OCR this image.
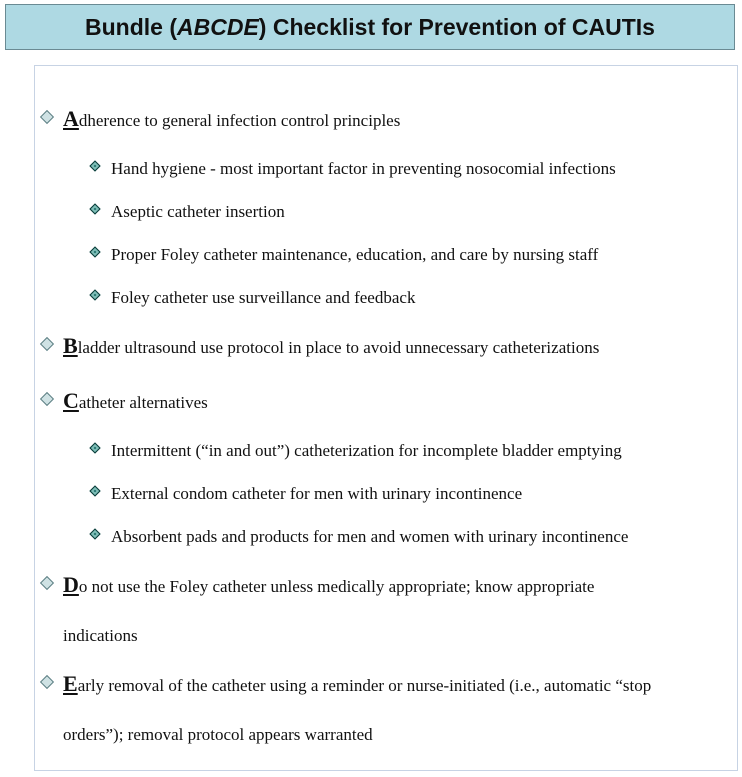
Bundle (ABCDE) Checklist for Prevention of CAUTIs
A dherence to general infection control principles
Hand hygiene - most important factor in preventing nosocomial infections
Aseptic catheter insertion
Proper Foley catheter maintenance, education, and care by nursing staff
Foley catheter use surveillance and feedback
B ladder ultrasound use protocol in place to avoid unnecessary catheterizations
C atheter alternatives
Intermittent (“in and out”) catheterization for incomplete bladder emptying
External condom catheter for men with urinary incontinence
Absorbent pads and products for men and women with urinary incontinence
D o not use the Foley catheter unless medically appropriate; know appropriate
indications
E arly removal of the catheter using a reminder or nurse-initiated (i.e., automatic “stop
orders”); removal protocol appears warranted
